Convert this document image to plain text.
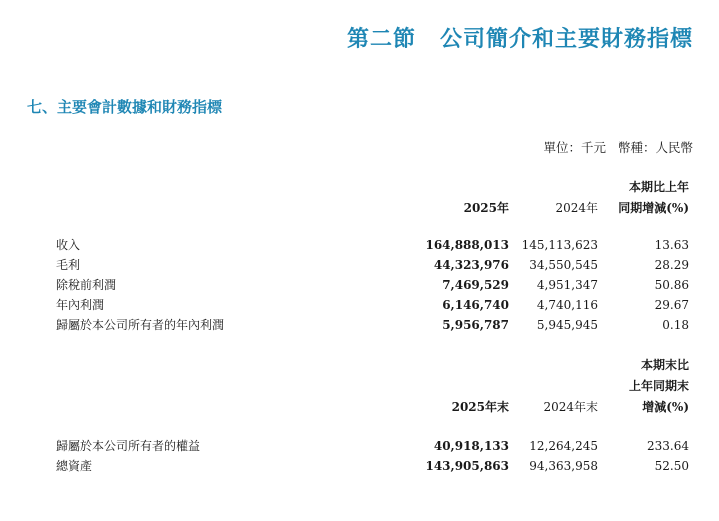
第二節 公司簡介和主要財務指標
七、主要會計數據和財務指標
單位：千元 幣種：人民幣
本期比上年
2025年	2024年 同期增減(%)
收入	164,888,013 145,113,623	13.63
毛利	44,323,976 34,550,545	28.29
除稅前利潤	7,469,529 4,951,347	50.86
年內利潤	6,146,740 4,740,116	29.67
歸屬於本公司所有者的年內利潤	5,956,787 5,945,945	0.18
本期末比
上年同期末
2025年末	2024年末	增減(%)
歸屬於本公司所有者的權益	40,918,133 12,264,245	233.64
總資產	143,905,863 94,363,958	52.50
